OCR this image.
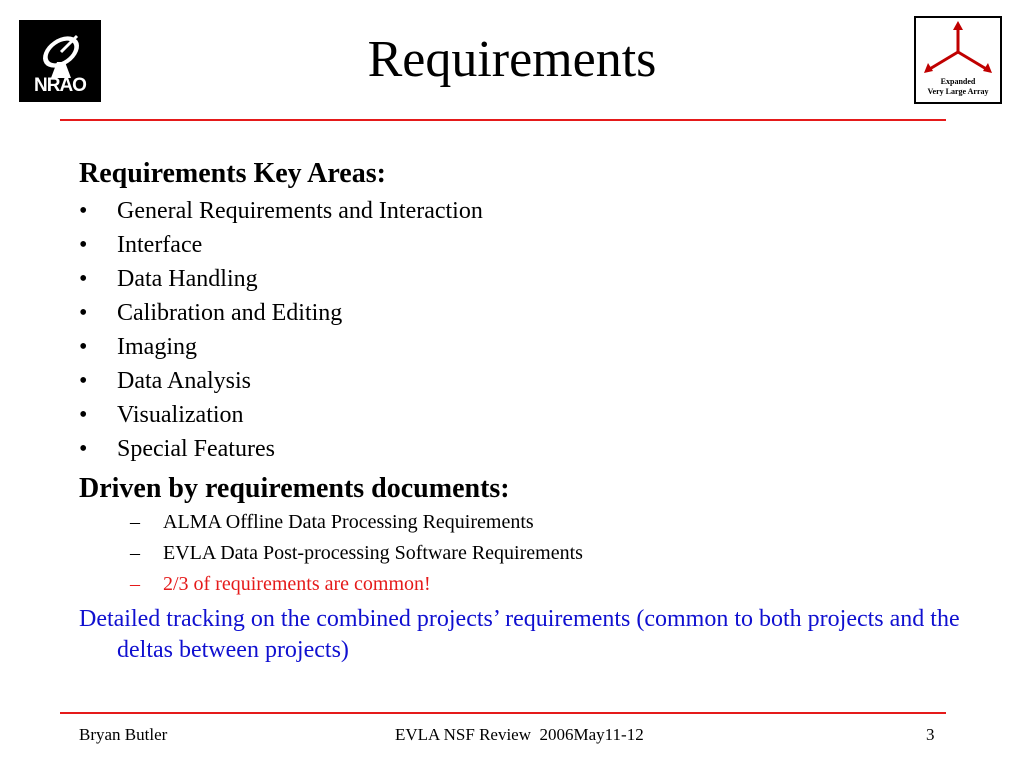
NRAO	Expanded
Very Large Array
Requirements
Requirements Key Areas:
• General Requirements and Interaction
• Interface
• Data Handling
• Calibration and Editing
• Imaging
• Data Analysis
• Visualization
• Special Features
Driven by requirements documents:
– ALMA Offline Data Processing Requirements
– EVLA Data Post-processing Software Requirements
– 2/3 of requirements are common!
Detailed tracking on the combined projects’ requirements (common to both projects and the deltas between projects)
Bryan Butler	EVLA NSF Review  2006May11-12	3
